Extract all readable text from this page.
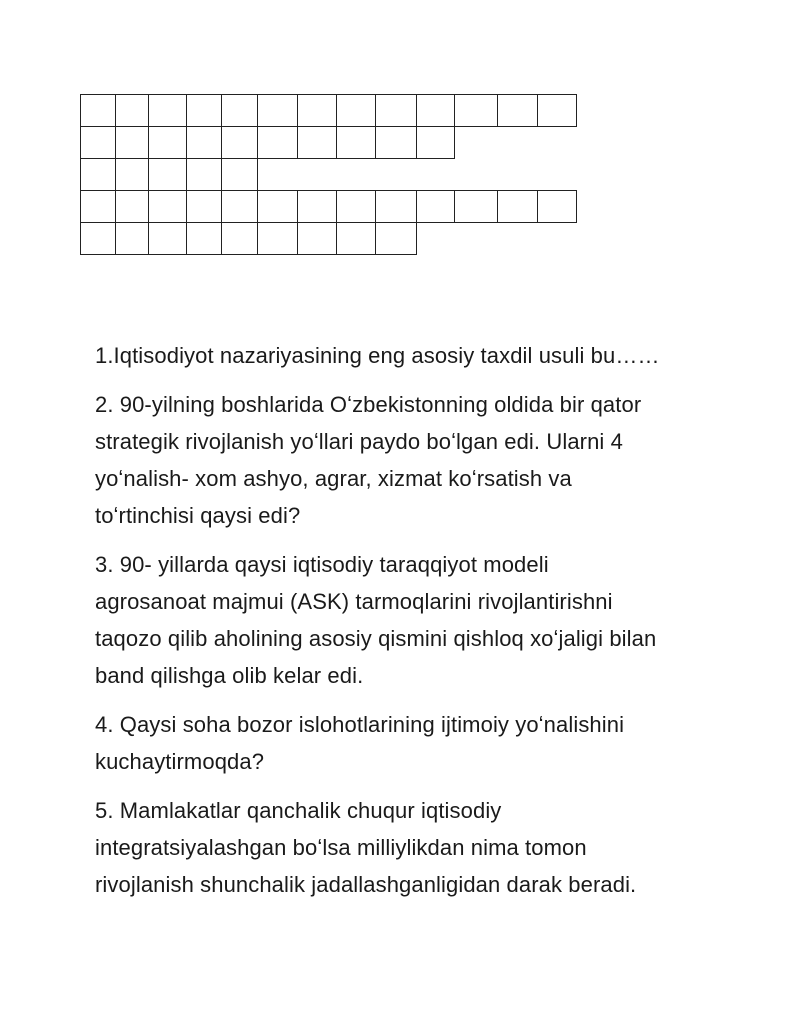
1.Iqtisodiyot nazariyasining eng asosiy taxdil usuli bu……

2. 90-yilning boshlarida Oʻzbekistonning oldida bir qator
strategik rivojlanish yoʻllari paydo boʻlgan edi. Ularni 4
yoʻnalish- xom ashyo, agrar, xizmat koʻrsatish va
toʻrtinchisi qaysi edi?

3. 90- yillarda qaysi iqtisodiy taraqqiyot modeli
agrosanoat majmui (ASK) tarmoqlarini rivojlantirishni
taqozo qilib aholining asosiy qismini qishloq xoʻjaligi bilan
band qilishga olib kelar edi.

4. Qaysi soha bozor islohotlarining ijtimoiy yoʻnalishini
kuchaytirmoqda?

5. Mamlakatlar qanchalik chuqur iqtisodiy
integratsiyalashgan boʻlsa milliylikdan nima tomon
rivojlanish shunchalik jadallashganligidan darak beradi.
